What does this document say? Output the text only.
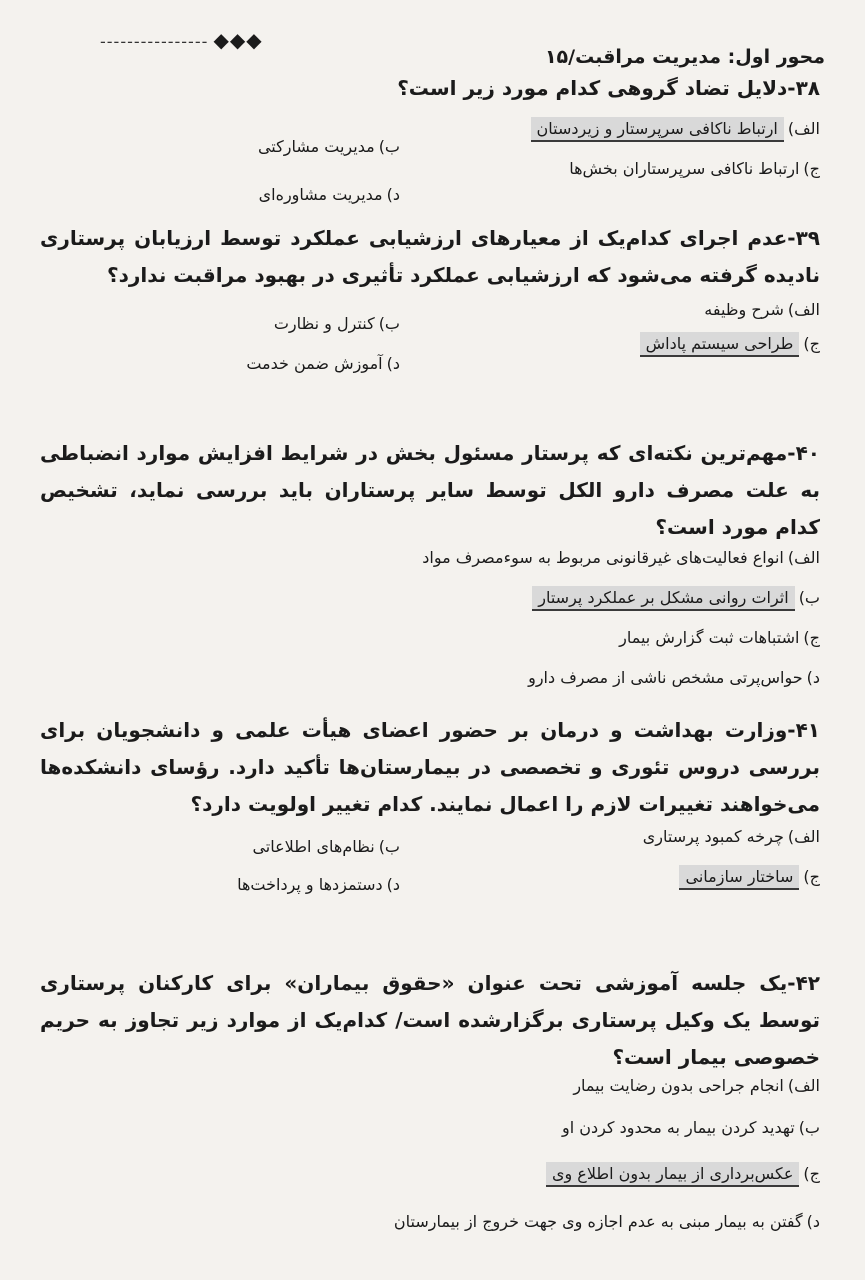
محور اول: مدیریت مراقبت/۱۵
---------------- ◆◆◆
۳۸-دلایل تضاد گروهی کدام مورد زیر است؟
الف)ارتباط ناکافی سرپرستار و زیردستان
ب)مدیریت مشارکتی
ج)ارتباط ناکافی سرپرستاران بخش‌ها
د)مدیریت مشاوره‌ای
۳۹-عدم اجرای کدام‌یک از معیارهای ارزشیابی عملکرد توسط ارزیابان پرستاری نادیده گرفته می‌شود که ارزشیابی عملکرد تأثیری در بهبود مراقبت ندارد؟
الف)شرح وظیفه
ب)کنترل و نظارت
ج)طراحی سیستم پاداش
د)آموزش ضمن خدمت
۴۰-مهم‌ترین نکته‌ای که پرستار مسئول بخش در شرایط افزایش موارد انضباطی به علت مصرف دارو الکل توسط سایر پرستاران باید بررسی نماید، تشخیص کدام مورد است؟
الف)انواع فعالیت‌های غیرقانونی مربوط به سوءمصرف مواد
ب)اثرات روانی مشکل بر عملکرد پرستار
ج)اشتباهات ثبت گزارش بیمار
د)حواس‌پرتی مشخص ناشی از مصرف دارو
۴۱-وزارت بهداشت و درمان بر حضور اعضای هیأت علمی و دانشجویان برای بررسی دروس تئوری و تخصصی در بیمارستان‌ها تأکید دارد. رؤسای دانشکده‌ها می‌خواهند تغییرات لازم را اعمال نمایند. کدام تغییر اولویت دارد؟
الف)چرخه کمبود پرستاری
ب)نظام‌های اطلاعاتی
ج)ساختار سازمانی
د)دستمزدها و پرداخت‌ها
۴۲-یک جلسه آموزشی تحت عنوان «حقوق بیماران» برای کارکنان پرستاری توسط یک وکیل پرستاری برگزارشده است/ کدام‌یک از موارد زیر تجاوز به حریم خصوصی بیمار است؟
الف)انجام جراحی بدون رضایت بیمار
ب)تهدید کردن بیمار به محدود کردن او
ج)عکس‌برداری از بیمار بدون اطلاع وی
د)گفتن به بیمار مبنی به عدم اجازه وی جهت خروج از بیمارستان
